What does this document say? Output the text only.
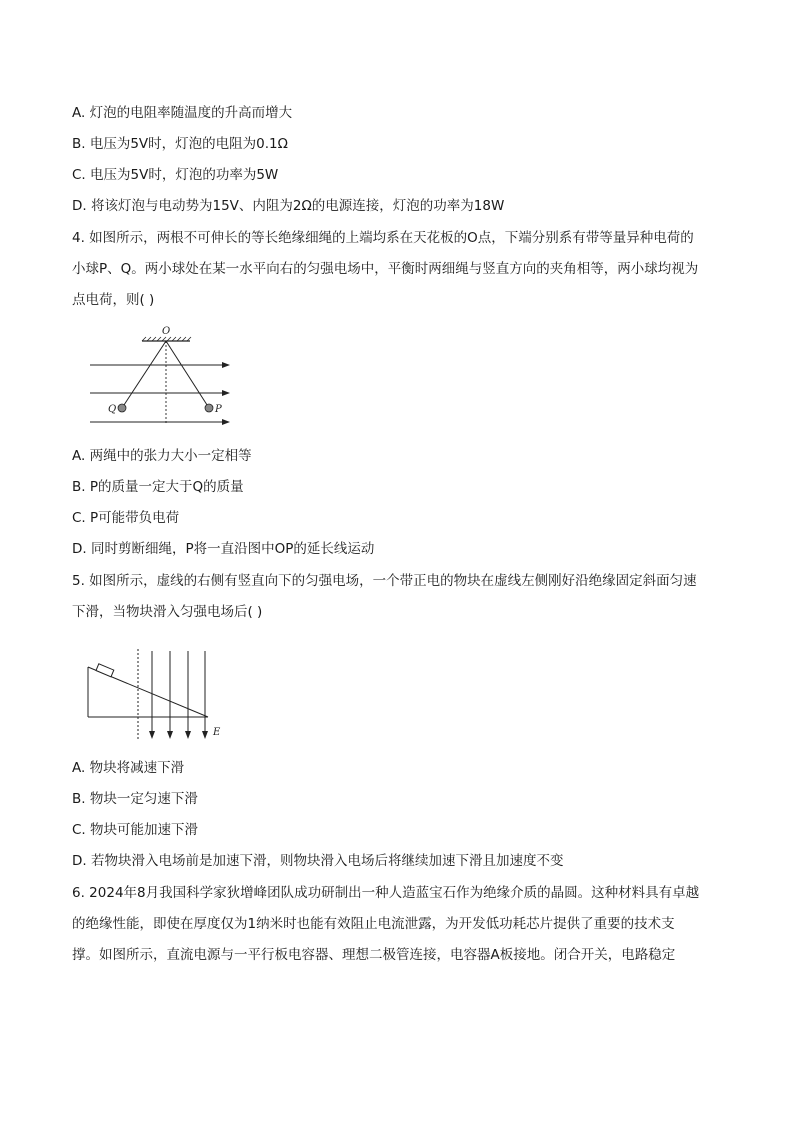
A. 灯泡的电阻率随温度的升高而增大
B. 电压为5V时，灯泡的电阻为0.1Ω
C. 电压为5V时，灯泡的功率为5W
D. 将该灯泡与电动势为15V、内阻为2Ω的电源连接，灯泡的功率为18W
4. 如图所示，两根不可伸长的等长绝缘细绳的上端均系在天花板的O点，下端分别系有带等量异种电荷的
小球P、Q。两小球处在某一水平向右的匀强电场中，平衡时两细绳与竖直方向的夹角相等，两小球均视为
点电荷，则( )
O
Q	P
A. 两绳中的张力大小一定相等
B. P的质量一定大于Q的质量
C. P可能带负电荷
D. 同时剪断细绳，P将一直沿图中OP的延长线运动
5. 如图所示，虚线的右侧有竖直向下的匀强电场，一个带正电的物块在虚线左侧刚好沿绝缘固定斜面匀速
下滑，当物块滑入匀强电场后( )
E
A. 物块将减速下滑
B. 物块一定匀速下滑
C. 物块可能加速下滑
D. 若物块滑入电场前是加速下滑，则物块滑入电场后将继续加速下滑且加速度不变
6. 2024年8月我国科学家狄增峰团队成功研制出一种人造蓝宝石作为绝缘介质的晶圆。这种材料具有卓越
的绝缘性能，即使在厚度仅为1纳米时也能有效阻止电流泄露，为开发低功耗芯片提供了重要的技术支
撑。如图所示，直流电源与一平行板电容器、理想二极管连接，电容器A板接地。闭合开关，电路稳定
